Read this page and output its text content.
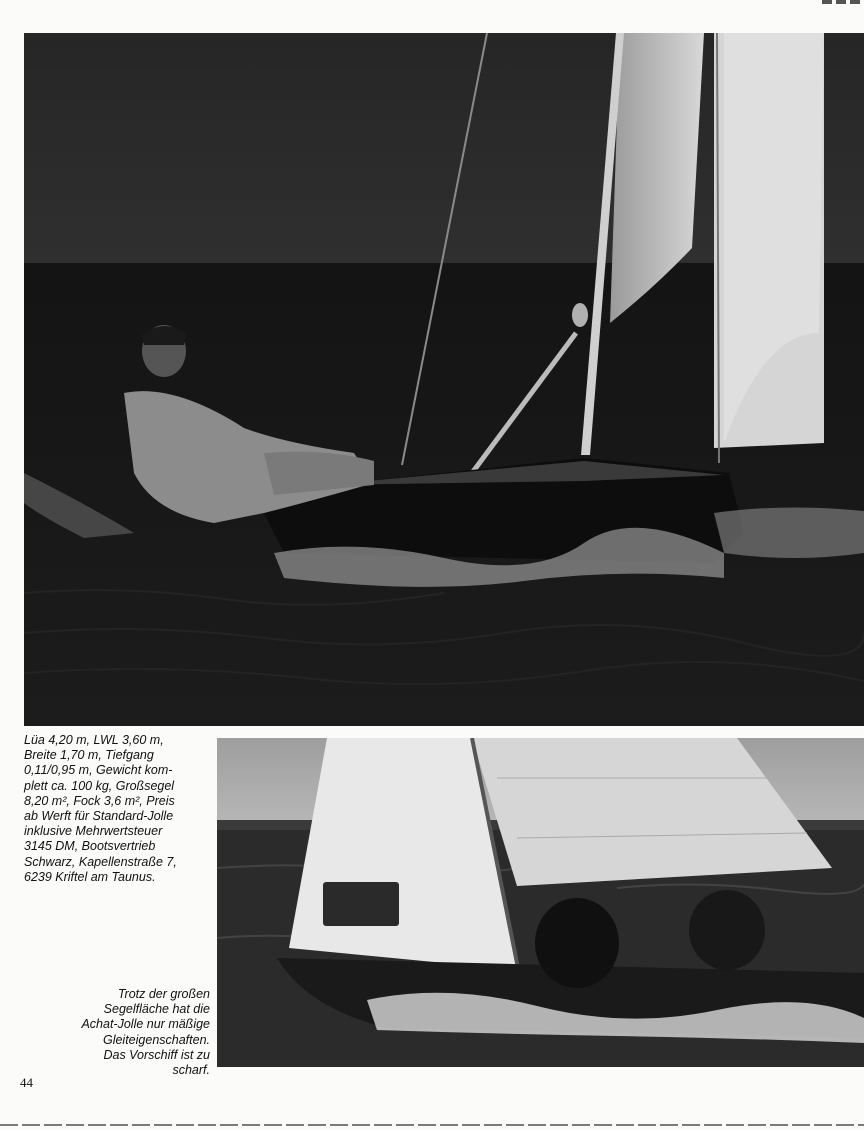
Lüa 4,20 m, LWL 3,60 m,
Breite 1,70 m, Tiefgang
0,11/0,95 m, Gewicht kom-
plett ca. 100 kg, Großsegel
8,20 m², Fock 3,6 m², Preis
ab Werft für Standard-Jolle
inklusive Mehrwertsteuer
3145 DM, Bootsvertrieb
Schwarz, Kapellenstraße 7,
6239 Kriftel am Taunus.
Trotz der großen
Segelfläche hat die
Achat-Jolle nur mäßige
Gleiteigenschaften.
Das Vorschiff ist zu
scharf.
44
